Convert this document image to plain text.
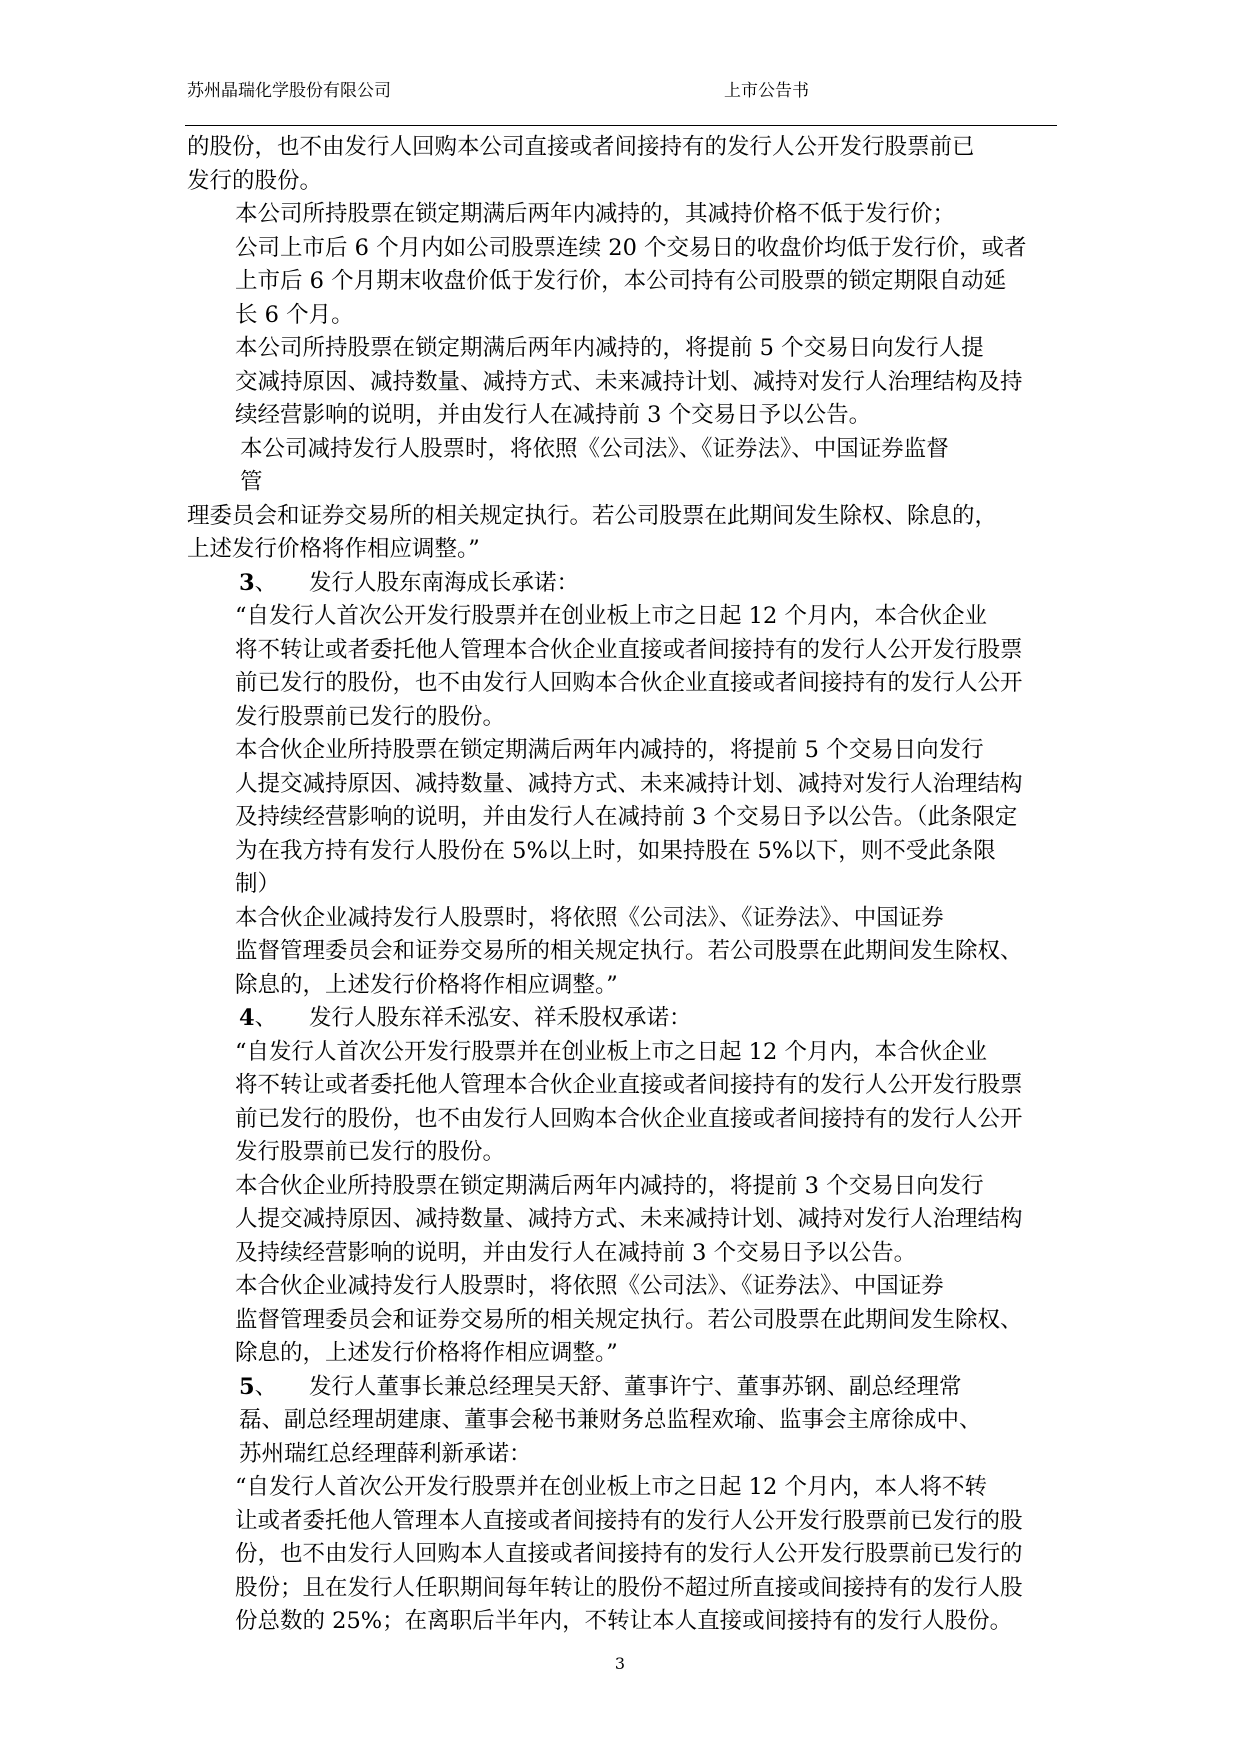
苏州晶瑞化学股份有限公司	上市公告书

的股份，也不由发行人回购本公司直接或者间接持有的发行人公开发行股票前已
发行的股份。

本公司所持股票在锁定期满后两年内减持的，其减持价格不低于发行价；
公司上市后 6 个月内如公司股票连续 20 个交易日的收盘价均低于发行价，或者
上市后 6 个月期末收盘价低于发行价，本公司持有公司股票的锁定期限自动延
长 6 个月。

本公司所持股票在锁定期满后两年内减持的，将提前 5 个交易日向发行人提
交减持原因、减持数量、减持方式、未来减持计划、减持对发行人治理结构及持
续经营影响的说明，并由发行人在减持前 3 个交易日予以公告。

本公司减持发行人股票时，将依照《公司法》、《证券法》、中国证券监督
管

理委员会和证券交易所的相关规定执行。若公司股票在此期间发生除权、除息的，
上述发行价格将作相应调整。”

3、 发行人股东南海成长承诺：

“自发行人首次公开发行股票并在创业板上市之日起 12 个月内，本合伙企业
将不转让或者委托他人管理本合伙企业直接或者间接持有的发行人公开发行股票
前已发行的股份，也不由发行人回购本合伙企业直接或者间接持有的发行人公开
发行股票前已发行的股份。

本合伙企业所持股票在锁定期满后两年内减持的，将提前 5 个交易日向发行
人提交减持原因、减持数量、减持方式、未来减持计划、减持对发行人治理结构
及持续经营影响的说明，并由发行人在减持前 3 个交易日予以公告。（此条限定
为在我方持有发行人股份在 5%以上时，如果持股在 5%以下，则不受此条限
制）

本合伙企业减持发行人股票时，将依照《公司法》、《证券法》、中国证券
监督管理委员会和证券交易所的相关规定执行。若公司股票在此期间发生除权、
除息的，上述发行价格将作相应调整。”

4、 发行人股东祥禾泓安、祥禾股权承诺：

“自发行人首次公开发行股票并在创业板上市之日起 12 个月内，本合伙企业
将不转让或者委托他人管理本合伙企业直接或者间接持有的发行人公开发行股票
前已发行的股份，也不由发行人回购本合伙企业直接或者间接持有的发行人公开
发行股票前已发行的股份。

本合伙企业所持股票在锁定期满后两年内减持的，将提前 3 个交易日向发行
人提交减持原因、减持数量、减持方式、未来减持计划、减持对发行人治理结构
及持续经营影响的说明，并由发行人在减持前 3 个交易日予以公告。

本合伙企业减持发行人股票时，将依照《公司法》、《证券法》、中国证券
监督管理委员会和证券交易所的相关规定执行。若公司股票在此期间发生除权、
除息的，上述发行价格将作相应调整。”

5、 发行人董事长兼总经理吴天舒、董事许宁、董事苏钢、副总经理常
磊、副总经理胡建康、董事会秘书兼财务总监程欢瑜、监事会主席徐成中、
苏州瑞红总经理薛利新承诺：

“自发行人首次公开发行股票并在创业板上市之日起 12 个月内，本人将不转
让或者委托他人管理本人直接或者间接持有的发行人公开发行股票前已发行的股
份，也不由发行人回购本人直接或者间接持有的发行人公开发行股票前已发行的
股份；且在发行人任职期间每年转让的股份不超过所直接或间接持有的发行人股
份总数的 25%；在离职后半年内，不转让本人直接或间接持有的发行人股份。

3
